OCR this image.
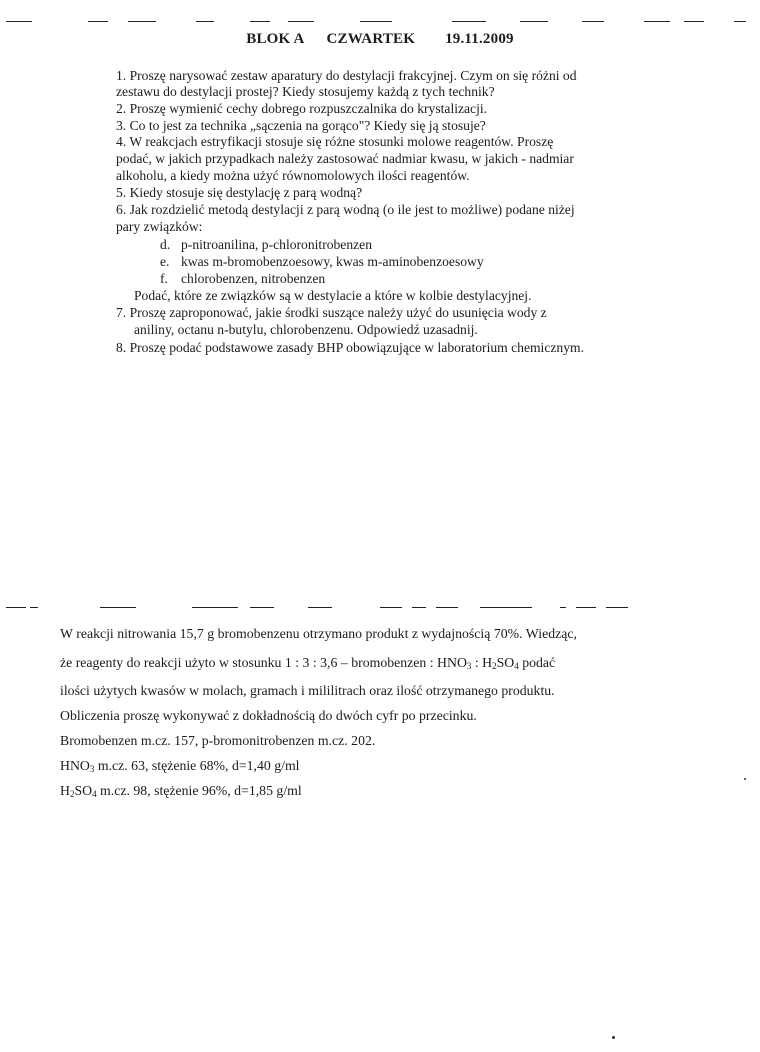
BLOK A CZWARTEK 19.11.2009
1. Proszę narysować zestaw aparatury do destylacji frakcyjnej. Czym on się różni od
zestawu do destylacji prostej? Kiedy stosujemy każdą z tych technik?
2. Proszę wymienić cechy dobrego rozpuszczalnika do krystalizacji.
3. Co to jest za technika „sączenia na gorąco"? Kiedy się ją stosuje?
4. W reakcjach estryfikacji stosuje się różne stosunki molowe reagentów. Proszę
podać, w jakich przypadkach należy zastosować nadmiar kwasu, w jakich - nadmiar
alkoholu, a kiedy można użyć równomolowych ilości reagentów.
5. Kiedy stosuje się destylację z parą wodną?
6. Jak rozdzielić metodą destylacji z parą wodną (o ile jest to możliwe) podane niżej
pary związków:
d. p-nitroanilina, p-chloronitrobenzen
e. kwas m-bromobenzoesowy, kwas m-aminobenzoesowy
f. chlorobenzen, nitrobenzen
Podać, które ze związków są w destylacie a które w kolbie destylacyjnej.
7. Proszę zaproponować, jakie środki suszące należy użyć do usunięcia wody z
aniliny, octanu n-butylu, chlorobenzenu. Odpowiedź uzasadnij.
8. Proszę podać podstawowe zasady BHP obowiązujące w laboratorium chemicznym.
W reakcji nitrowania 15,7 g bromobenzenu otrzymano produkt z wydajnością 70%. Wiedząc,
że reagenty do reakcji użyto w stosunku 1 : 3 : 3,6 – bromobenzen : $HNO_3$ : $H_2SO_4$ podać
ilości użytych kwasów w molach, gramach i mililitrach oraz ilość otrzymanego produktu.
Obliczenia proszę wykonywać z dokładnością do dwóch cyfr po przecinku.
Bromobenzen m.cz. 157, p-bromonitrobenzen m.cz. 202.
$HNO_3$ m.cz. 63, stężenie 68%, d=1,40 g/ml
$H_2SO_4$ m.cz. 98, stężenie 96%, d=1,85 g/ml
